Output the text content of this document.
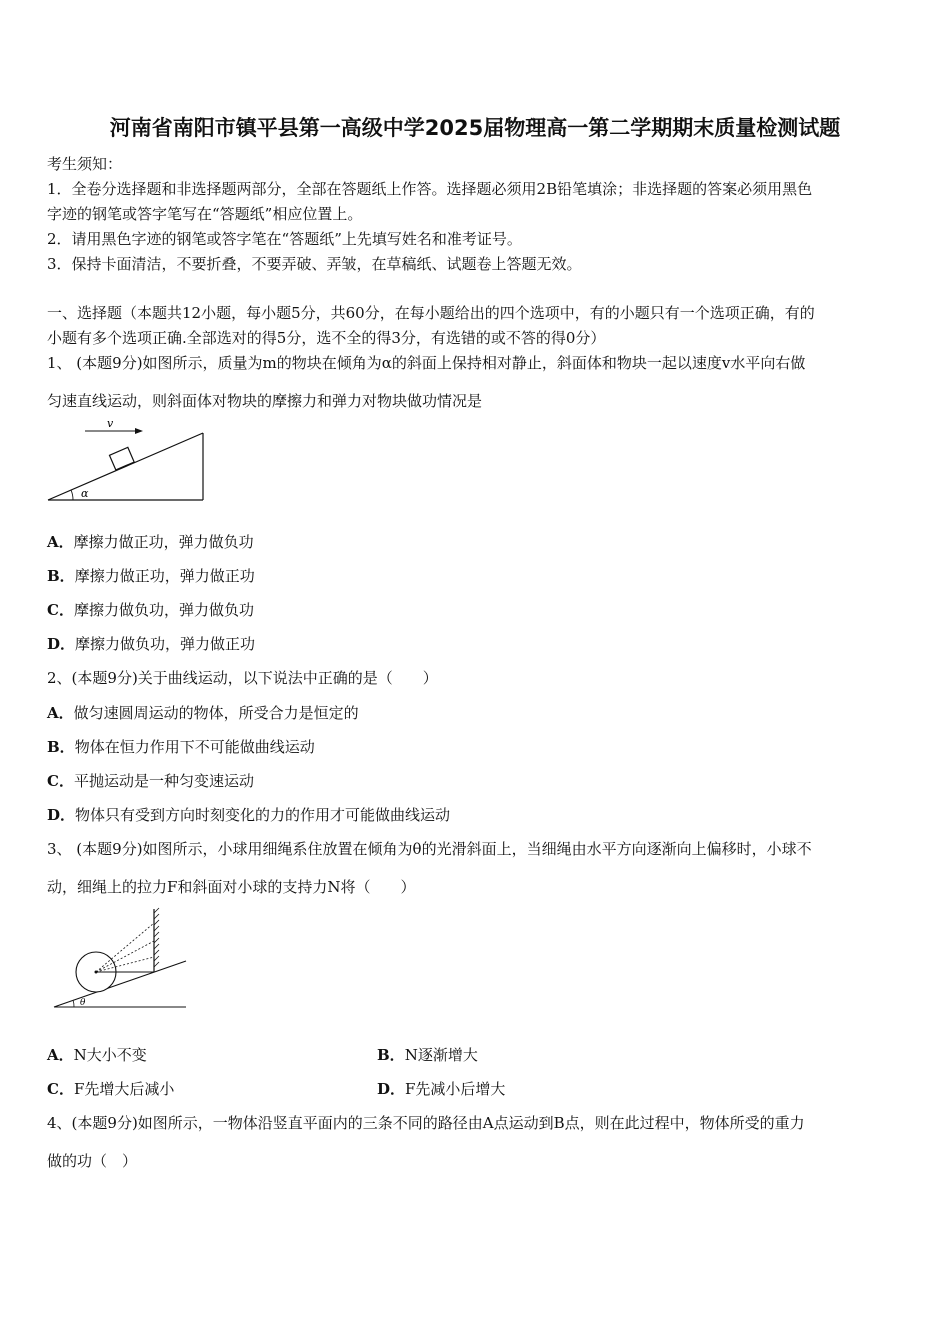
河南省南阳市镇平县第一高级中学2025届物理高一第二学期期末质量检测试题
考生须知：
1．全卷分选择题和非选择题两部分，全部在答题纸上作答。选择题必须用2B铅笔填涂；非选择题的答案必须用黑色
字迹的钢笔或答字笔写在“答题纸”相应位置上。
2．请用黑色字迹的钢笔或答字笔在“答题纸”上先填写姓名和准考证号。
3．保持卡面清洁，不要折叠，不要弄破、弄皱，在草稿纸、试题卷上答题无效。
一、选择题（本题共12小题，每小题5分，共60分，在每小题给出的四个选项中，有的小题只有一个选项正确，有的
小题有多个选项正确.全部选对的得5分，选不全的得3分，有选错的或不答的得0分）
1、 (本题9分)如图所示，质量为m的物块在倾角为α的斜面上保持相对静止，斜面体和物块一起以速度v水平向右做
匀速直线运动，则斜面体对物块的摩擦力和弹力对物块做功情况是
v
α
A．摩擦力做正功，弹力做负功
B．摩擦力做正功，弹力做正功
C．摩擦力做负功，弹力做负功
D．摩擦力做负功，弹力做正功
2、(本题9分)关于曲线运动，以下说法中正确的是（　　）
A．做匀速圆周运动的物体，所受合力是恒定的
B．物体在恒力作用下不可能做曲线运动
C．平抛运动是一种匀变速运动
D．物体只有受到方向时刻变化的力的作用才可能做曲线运动
3、 (本题9分)如图所示，小球用细绳系住放置在倾角为θ的光滑斜面上，当细绳由水平方向逐渐向上偏移时，小球不
动，细绳上的拉力F和斜面对小球的支持力N将（　　）
θ
A．N大小不变	B．N逐渐增大
C．F先增大后减小	D．F先减小后增大
4、(本题9分)如图所示，一物体沿竖直平面内的三条不同的路径由A点运动到B点，则在此过程中，物体所受的重力
做的功（　）
